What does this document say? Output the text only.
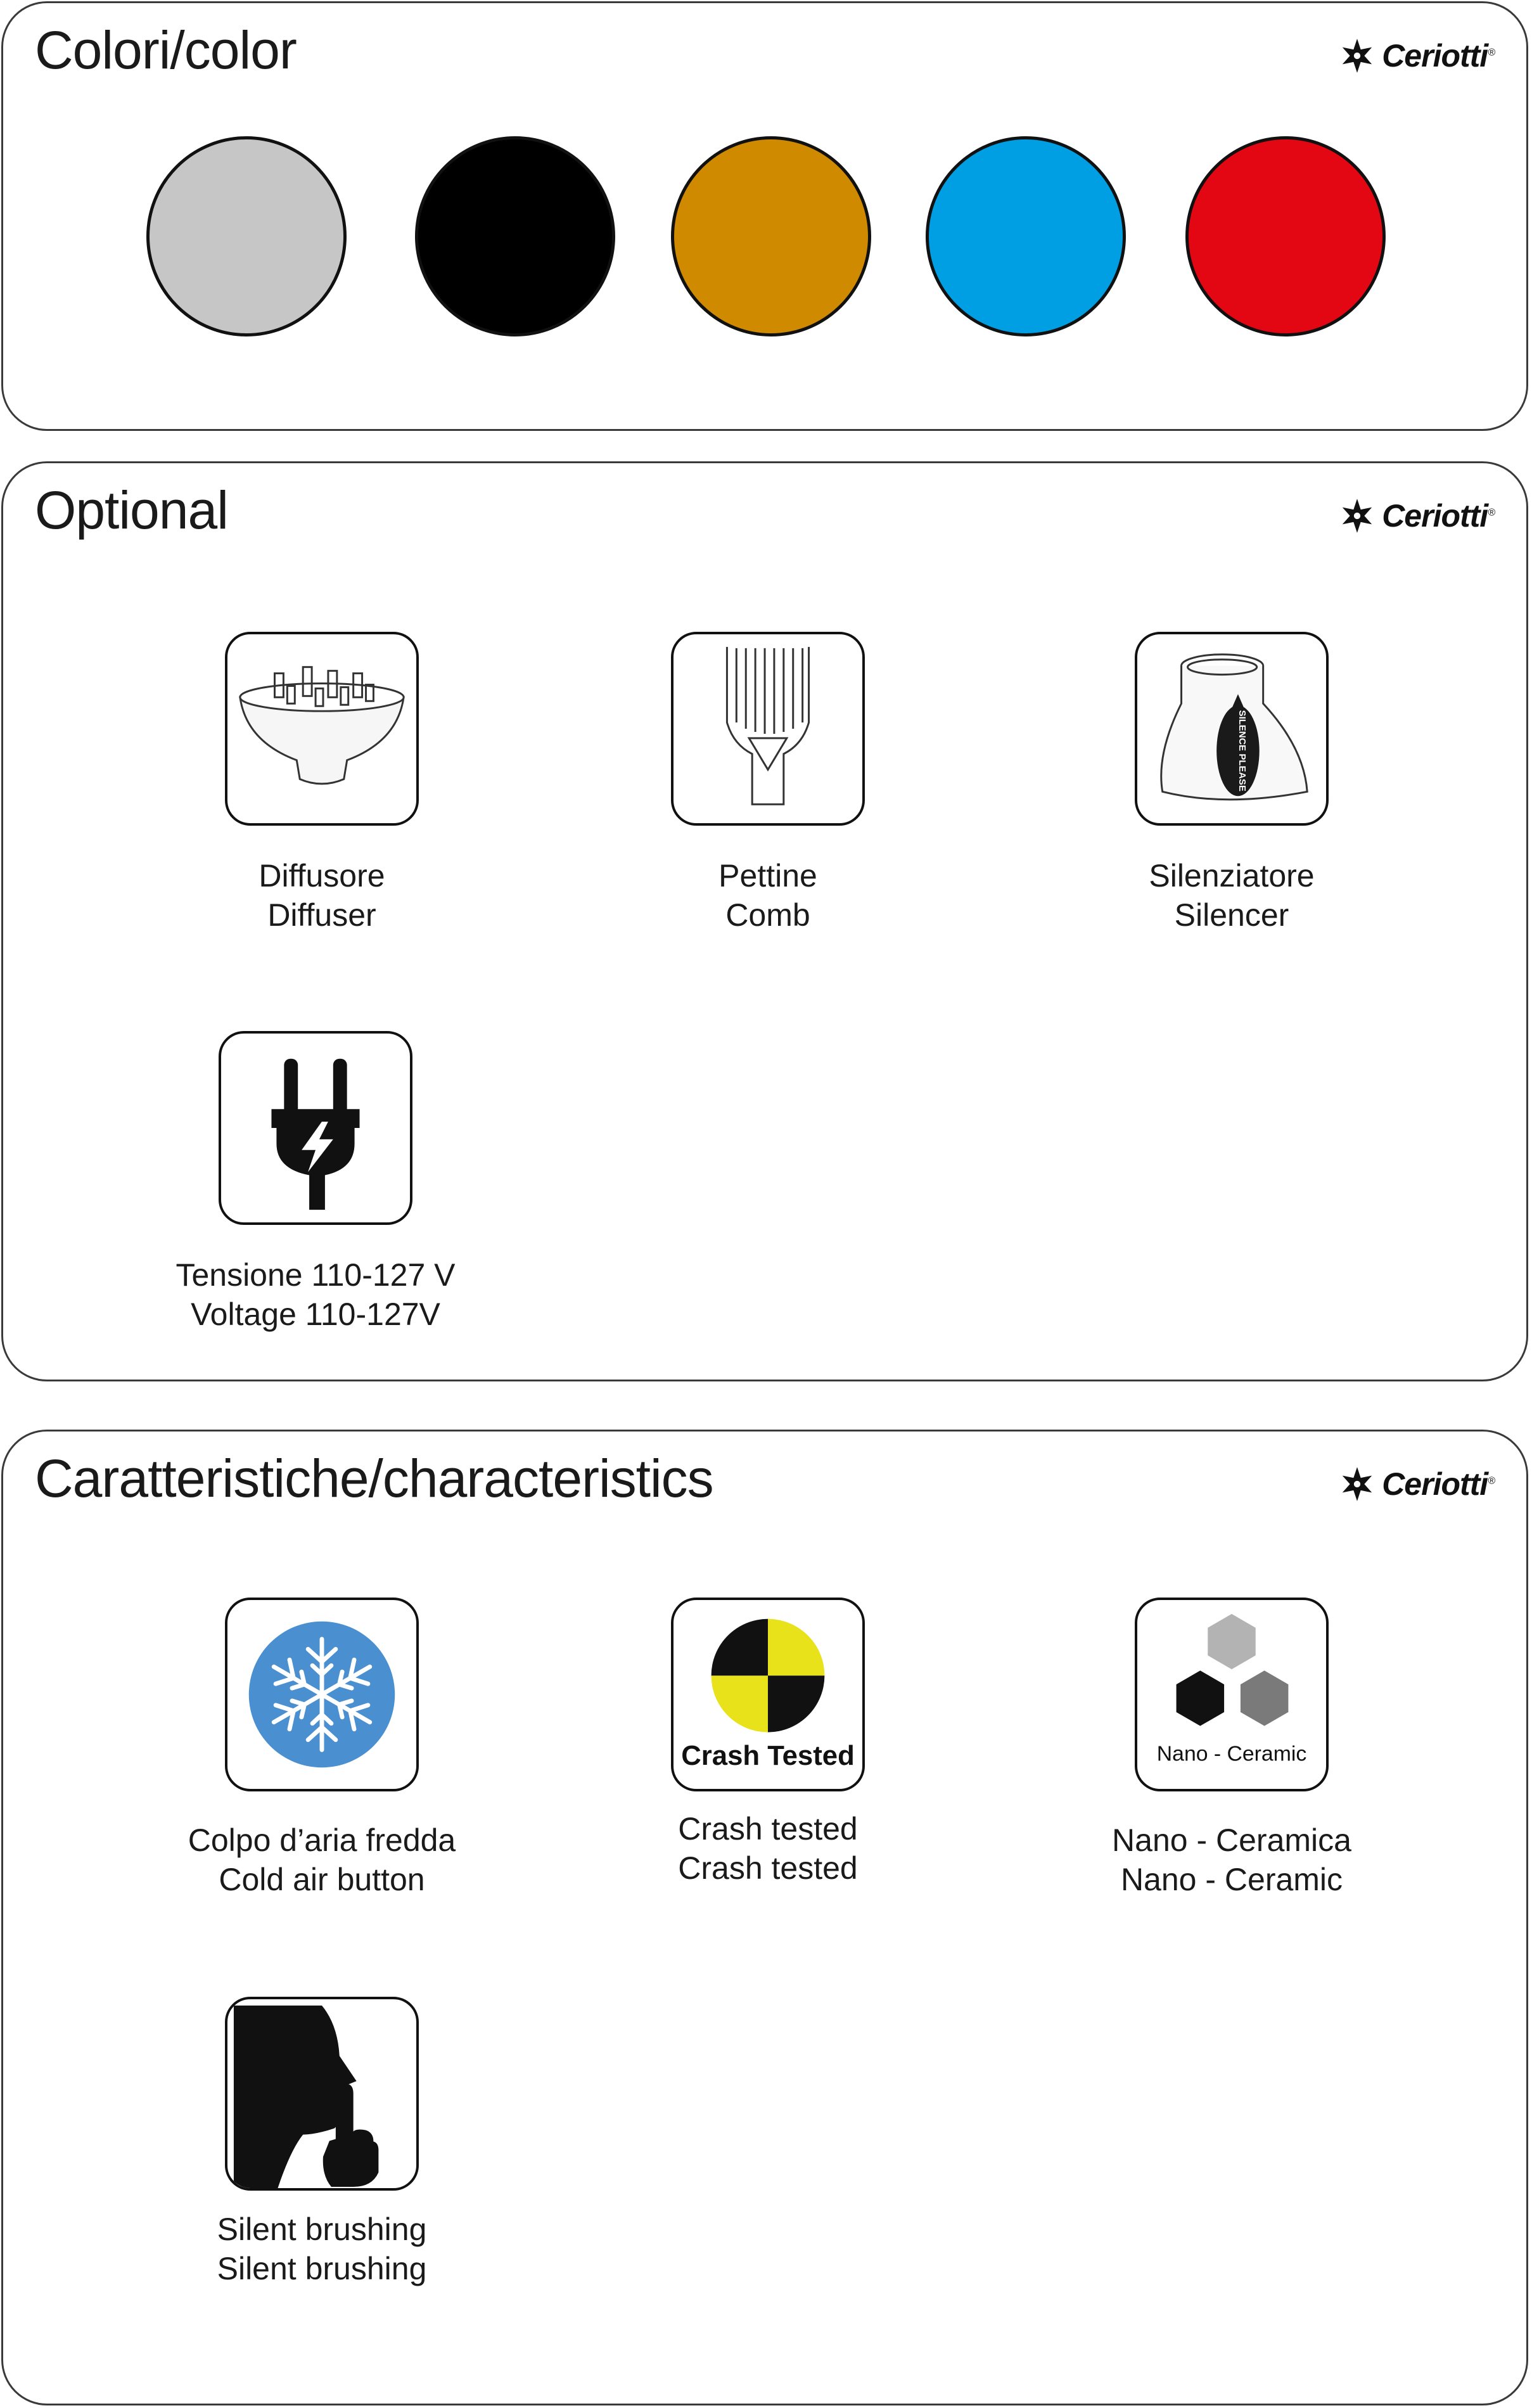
Colori/color	Ceriotti®
Optional	Ceriotti®
Diffusore
Diffuser
Pettine
Comb
SILENCE PLEASE
Silenziatore
Silencer
Tensione 110-127 V
Voltage 110-127V
Caratteristiche/characteristics	Ceriotti®
Colpo d’aria fredda
Cold air button
Crash Tested
Crash tested
Crash tested
Nano - Ceramic
Nano - Ceramica
Nano - Ceramic
Silent brushing
Silent brushing
